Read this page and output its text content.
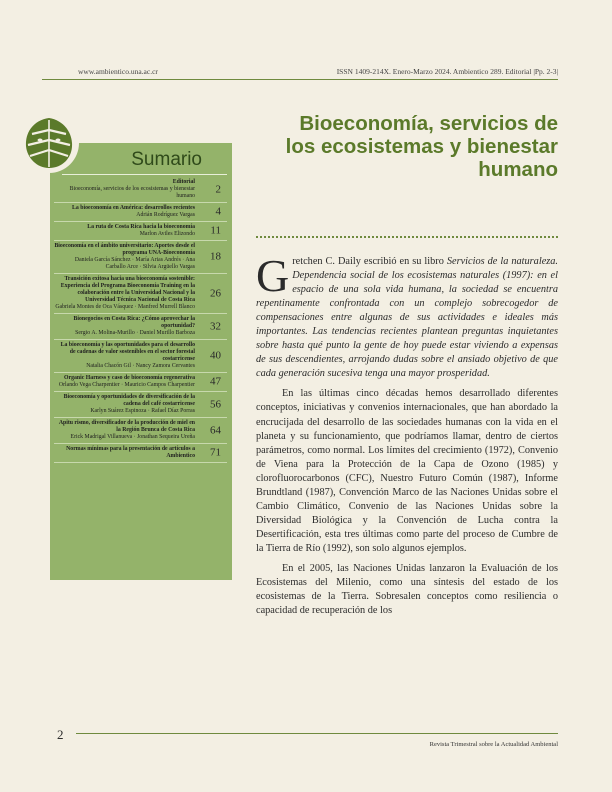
www.ambientico.una.ac.cr	ISSN 1409-214X. Enero-Marzo 2024. Ambientico 289. Editorial |Pp. 2-3|
Sumario
Editorial
Bioeconomía, servicios de los ecosistemas y bienestar humano
2
La bioeconomía en América: desarrollos recientes
Adrián Rodríguez Vargas 4
La ruta de Costa Rica hacia la bioeconomía
Marlon Aviles Elizondo 11
Bioeconomía en el ámbito universitario: Aportes desde el programa UNA-Bioeconomía
Daniela García Sánchez · María Arias Andrés · Ana Carballo Arce · Silvia Argüello Vargas
18
Transición exitosa hacia una bioeconomía sostenible: Experiencia del Programa Bioeconomía Training en la colaboración entre la Universidad Nacional y la Universidad Técnica Nacional de Costa Rica
Gabriela Montes de Oca Vásquez · Manfred Murrell Blanco
26
Bionegocios en Costa Rica: ¿Cómo aprovechar la oportunidad?
Sergio A. Molina-Murillo · Daniel Murillo Barboza
32
La bioeconomía y las oportunidades para el desarrollo de cadenas de valor sostenibles en el sector forestal costarricense
Natalia Chacón Gil · Nancy Zamora Cervantes
40
Organic Harness y caso de bioeconomía regenerativa
Orlando Vega Charpentier · Mauricio Campos Charpentier 47
Bioeconomía y oportunidades de diversificación de la cadena del café costarricense
Karlyn Suárez Espinoza · Rafael Díaz Porras
56
Apitu rismo, diversificador de la producción de miel en la Región Brunca de Costa Rica
Erick Madrigal Villanueva · Jonathan Sequeira Ureña
64
Normas mínimas para la presentación de artículos a Ambientico 71
Bioeconomía, servicios de los ecosistemas y bienestar humano

Gretchen C. Daily escribió en su libro Servicios de la naturaleza. Dependencia social de los ecosistemas naturales (1997): en el espacio de una sola vida humana, la sociedad se encuentra repentinamente confrontada con un complejo sobrecogedor de compensaciones entre algunas de sus actividades e ideales más importantes. Las tendencias recientes plantean preguntas inquietantes sobre hasta qué punto la gente de hoy puede estar viviendo a expensas de sus descendientes, arrojando dudas sobre el ansiado objetivo de que cada generación sucesiva tenga una mayor prosperidad.

En las últimas cinco décadas hemos desarrollado diferentes conceptos, iniciativas y convenios internacionales, que han abordado la encrucijada del desarrollo de las sociedades humanas con la vida en el planeta y su funcionamiento, que podríamos llamar, dentro de ciertos parámetros, como normal. Los límites del crecimiento (1972), Convenio de Viena para la Protección de la Capa de Ozono (1985) y clorofluorocarbonos (CFC), Nuestro Futuro Común (1987), Informe Brundtland (1987), Convención Marco de las Naciones Unidas sobre el Cambio Climático, Convenio de las Naciones Unidas sobre la Diversidad Biológica y la Convención de Lucha contra la Desertificación, esta tres últimas como parte del proceso de Cumbre de la Tierra de Río (1992), son solo algunos ejemplos.

En el 2005, las Naciones Unidas lanzaron la Evaluación de los Ecosistemas del Milenio, como una síntesis del estado de los ecosistemas de la Tierra. Sobresalen conceptos como resiliencia o capacidad de recuperación de los

2
Revista Trimestral sobre la Actualidad Ambiental
